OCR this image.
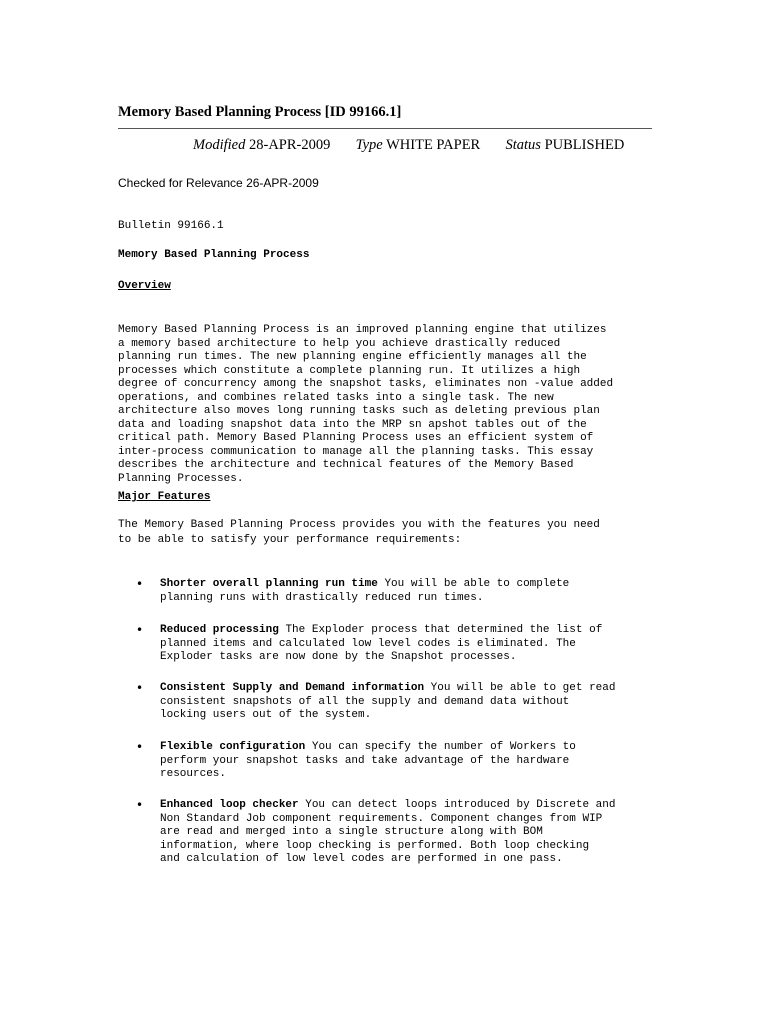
Memory Based Planning Process [ID 99166.1]
Modified 28-APR-2009 Type WHITE PAPER Status PUBLISHED
Checked for Relevance 26-APR-2009
Bulletin 99166.1
Memory Based Planning Process
Overview
Memory Based Planning Process is an improved planning engine that utilizes
a memory based architecture to help you achieve drastically reduced
planning run times. The new planning engine efficiently manages all the
processes which constitute a complete planning run. It utilizes a high
degree of concurrency among the snapshot tasks, eliminates non -value added
operations, and combines related tasks into a single task. The new
architecture also moves long running tasks such as deleting previous plan
data and loading snapshot data into the MRP sn apshot tables out of the
critical path. Memory Based Planning Process uses an efficient system of
inter-process communication to manage all the planning tasks. This essay
describes the architecture and technical features of the Memory Based
Planning Processes.
Major Features
The Memory Based Planning Process provides you with the features you need
to be able to satisfy your performance requirements:
• Shorter overall planning run time You will be able to complete
planning runs with drastically reduced run times.
• Reduced processing The Exploder process that determined the list of
planned items and calculated low level codes is eliminated. The
Exploder tasks are now done by the Snapshot processes.
• Consistent Supply and Demand information You will be able to get read
consistent snapshots of all the supply and demand data without
locking users out of the system.
• Flexible configuration You can specify the number of Workers to
perform your snapshot tasks and take advantage of the hardware
resources.
• Enhanced loop checker You can detect loops introduced by Discrete and
Non Standard Job component requirements. Component changes from WIP
are read and merged into a single structure along with BOM
information, where loop checking is performed. Both loop checking
and calculation of low level codes are performed in one pass.
